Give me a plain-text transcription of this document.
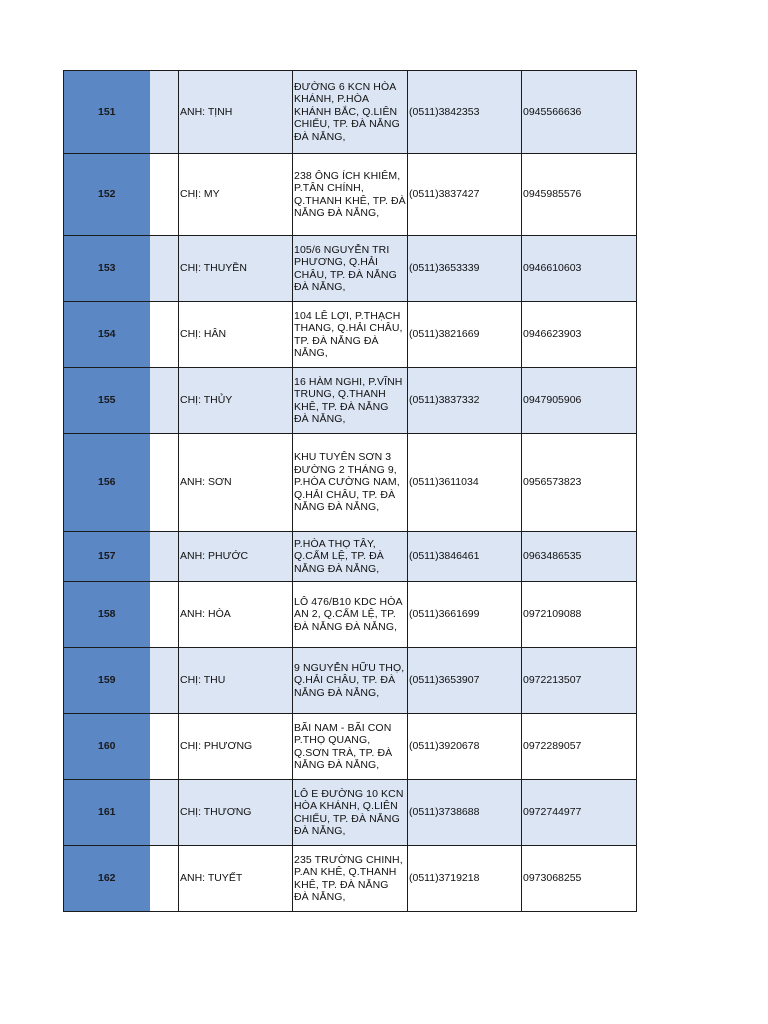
151		ANH: TỊNH	ĐƯỜNG 6 KCN HÒA KHÁNH, P.HÒA KHÁNH BẮC, Q.LIÊN CHIỂU, TP. ĐÀ NẴNG ĐÀ NẴNG,	(0511)3842353	0945566636
152		CHỊ: MY	238 ÔNG ÍCH KHIÊM, P.TÂN CHÍNH, Q.THANH KHÊ, TP. ĐÀ NẴNG ĐÀ NẴNG,	(0511)3837427	0945985576
153		CHỊ: THUYỀN	105/6 NGUYỄN TRI PHƯƠNG, Q.HẢI CHÂU, TP. ĐÀ NẴNG ĐÀ NẴNG,	(0511)3653339	0946610603
154		CHỊ: HÂN	104 LÊ LỢI, P.THẠCH THANG, Q.HẢI CHÂU, TP. ĐÀ NẴNG ĐÀ NẴNG,	(0511)3821669	0946623903
155		CHỊ: THỦY	16 HÀM NGHI, P.VĨNH TRUNG, Q.THANH KHÊ, TP. ĐÀ NẴNG ĐÀ NẴNG,	(0511)3837332	0947905906
156		ANH: SƠN	KHU TUYÊN SƠN 3 ĐƯỜNG 2 THÁNG 9, P.HÒA CƯỜNG NAM, Q.HẢI CHÂU, TP. ĐÀ NẴNG ĐÀ NẴNG,	(0511)3611034	0956573823
157		ANH: PHƯỚC	P.HÒA THỌ TÂY, Q.CẨM LỆ, TP. ĐÀ NẴNG ĐÀ NẴNG,	(0511)3846461	0963486535
158		ANH: HÒA	LÔ 476/B10 KDC HÒA AN 2, Q.CẨM LỆ, TP. ĐÀ NẴNG ĐÀ NẴNG,	(0511)3661699	0972109088
159		CHỊ: THU	9 NGUYỄN HỮU THỌ, Q.HẢI CHÂU, TP. ĐÀ NẴNG ĐÀ NẴNG,	(0511)3653907	0972213507
160		CHỊ: PHƯƠNG	BÃI NAM - BÃI CON P.THỌ QUANG, Q.SƠN TRÀ, TP. ĐÀ NẴNG ĐÀ NẴNG,	(0511)3920678	0972289057
161		CHỊ: THƯƠNG	LÔ E ĐƯỜNG 10 KCN HÒA KHÁNH, Q.LIÊN CHIỂU, TP. ĐÀ NẴNG ĐÀ NẴNG,	(0511)3738688	0972744977
162		ANH: TUYẾT	235 TRƯỜNG CHINH, P.AN KHÊ, Q.THANH KHÊ, TP. ĐÀ NẴNG ĐÀ NẴNG,	(0511)3719218	0973068255
